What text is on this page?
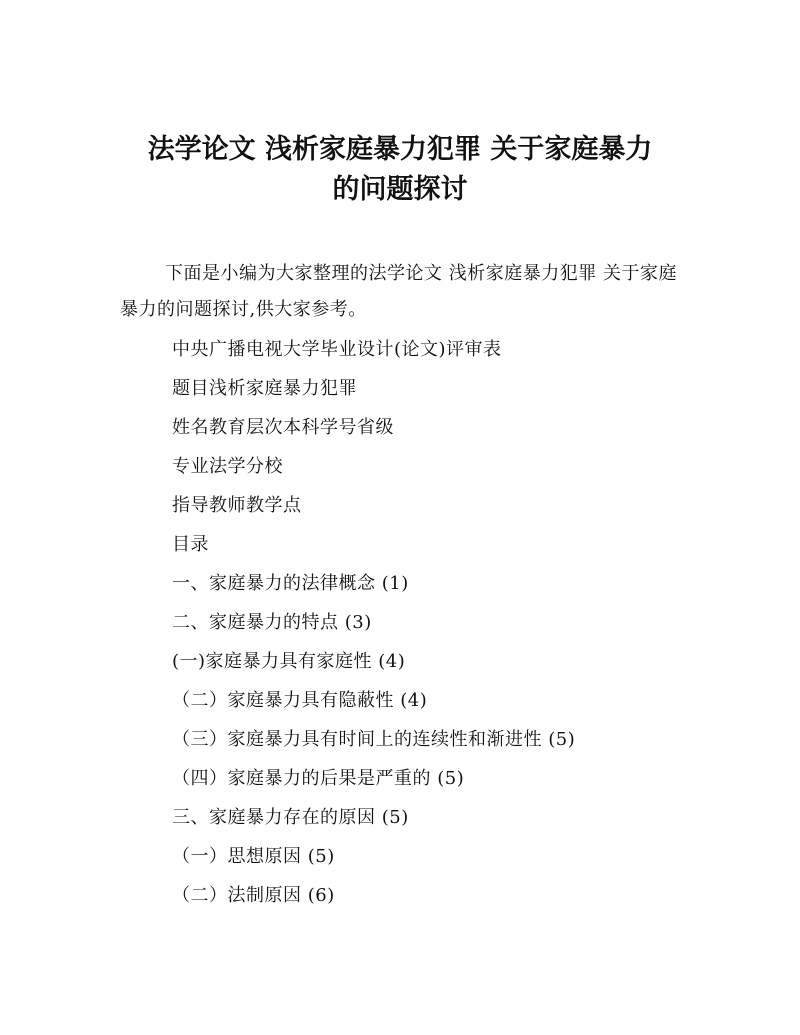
法学论文 浅析家庭暴力犯罪 关于家庭暴力
的问题探讨

下面是小编为大家整理的法学论文 浅析家庭暴力犯罪 关于家庭暴力的问题探讨,供大家参考。

中央广播电视大学毕业设计(论文)评审表

题目浅析家庭暴力犯罪

姓名教育层次本科学号省级

专业法学分校

指导教师教学点

目录

一、家庭暴力的法律概念 (1)

二、家庭暴力的特点 (3)

(一)家庭暴力具有家庭性 (4)

（二）家庭暴力具有隐蔽性 (4)

（三）家庭暴力具有时间上的连续性和渐进性 (5)

（四）家庭暴力的后果是严重的 (5)

三、家庭暴力存在的原因 (5)

（一）思想原因 (5)

（二）法制原因 (6)
